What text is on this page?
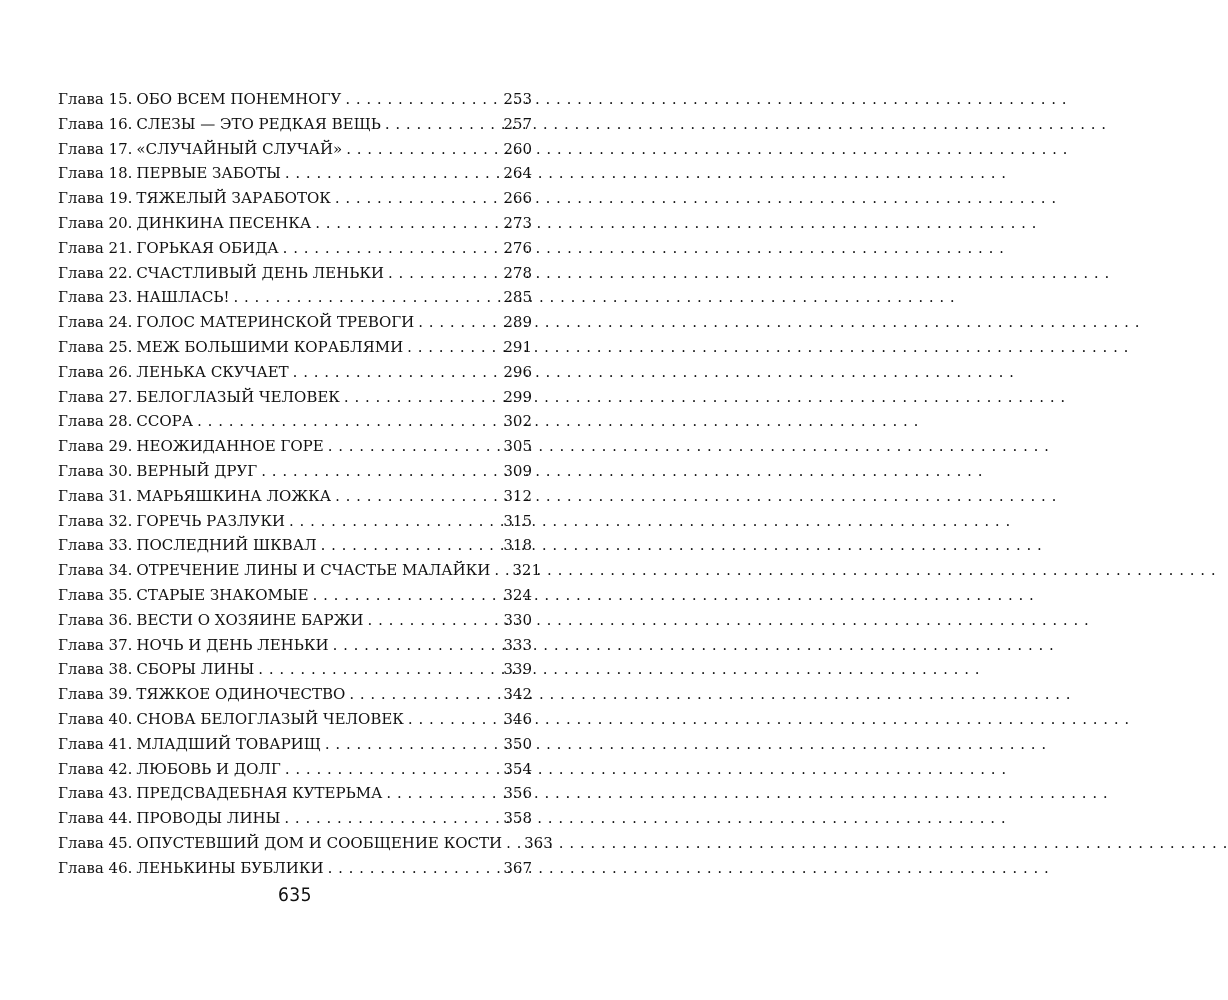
Глава 15. ОБО ВСЕМ ПОНЕМНОГУ . . .	253
Глава 16. СЛЕЗЫ — ЭТО РЕДКАЯ ВЕЩЬ . . .	257
Глава 17. «СЛУЧАЙНЫЙ СЛУЧАЙ» . . .	260
Глава 18. ПЕРВЫЕ ЗАБОТЫ . . .	264
Глава 19. ТЯЖЕЛЫЙ ЗАРАБОТОК . . .	266
Глава 20. ДИНКИНА ПЕСЕНКА . . .	273
Глава 21. ГОРЬКАЯ ОБИДА . . .	276
Глава 22. СЧАСТЛИВЫЙ ДЕНЬ ЛЕНЬКИ . . .	278
Глава 23. НАШЛАСЬ! . . .	285
Глава 24. ГОЛОС МАТЕРИНСКОЙ ТРЕВОГИ . . .	289
Глава 25. МЕЖ БОЛЬШИМИ КОРАБЛЯМИ . . .	291
Глава 26. ЛЕНЬКА СКУЧАЕТ . . .	296
Глава 27. БЕЛОГЛАЗЫЙ ЧЕЛОВЕК . . .	299
Глава 28. ССОРА . . .	302
Глава 29. НЕОЖИДАННОЕ ГОРЕ . . .	305
Глава 30. ВЕРНЫЙ ДРУГ . . .	309
Глава 31. МАРЬЯШКИНА ЛОЖКА . . .	312
Глава 32. ГОРЕЧЬ РАЗЛУКИ . . .	315
Глава 33. ПОСЛЕДНИЙ ШКВАЛ . . .	318
Глава 34. ОТРЕЧЕНИЕ ЛИНЫ И СЧАСТЬЕ МАЛАЙКИ . . . 321
Глава 35. СТАРЫЕ ЗНАКОМЫЕ . . .	324
Глава 36. ВЕСТИ О ХОЗЯИНЕ БАРЖИ . . .	330
Глава 37. НОЧЬ И ДЕНЬ ЛЕНЬКИ . . .	333
Глава 38. СБОРЫ ЛИНЫ . . .	339
Глава 39. ТЯЖКОЕ ОДИНОЧЕСТВО . . .	342
Глава 40. СНОВА БЕЛОГЛАЗЫЙ ЧЕЛОВЕК . . .	346
Глава 41. МЛАДШИЙ ТОВАРИЩ . . .	350
Глава 42. ЛЮБОВЬ И ДОЛГ . . .	354
Глава 43. ПРЕДСВАДЕБНАЯ КУТЕРЬМА . . .	356
Глава 44. ПРОВОДЫ ЛИНЫ . . .	358
Глава 45. ОПУСТЕВШИЙ ДОМ И СООБЩЕНИЕ КОСТИ . . . 363
Глава 46. ЛЕНЬКИНЫ БУБЛИКИ . . .	367
635
